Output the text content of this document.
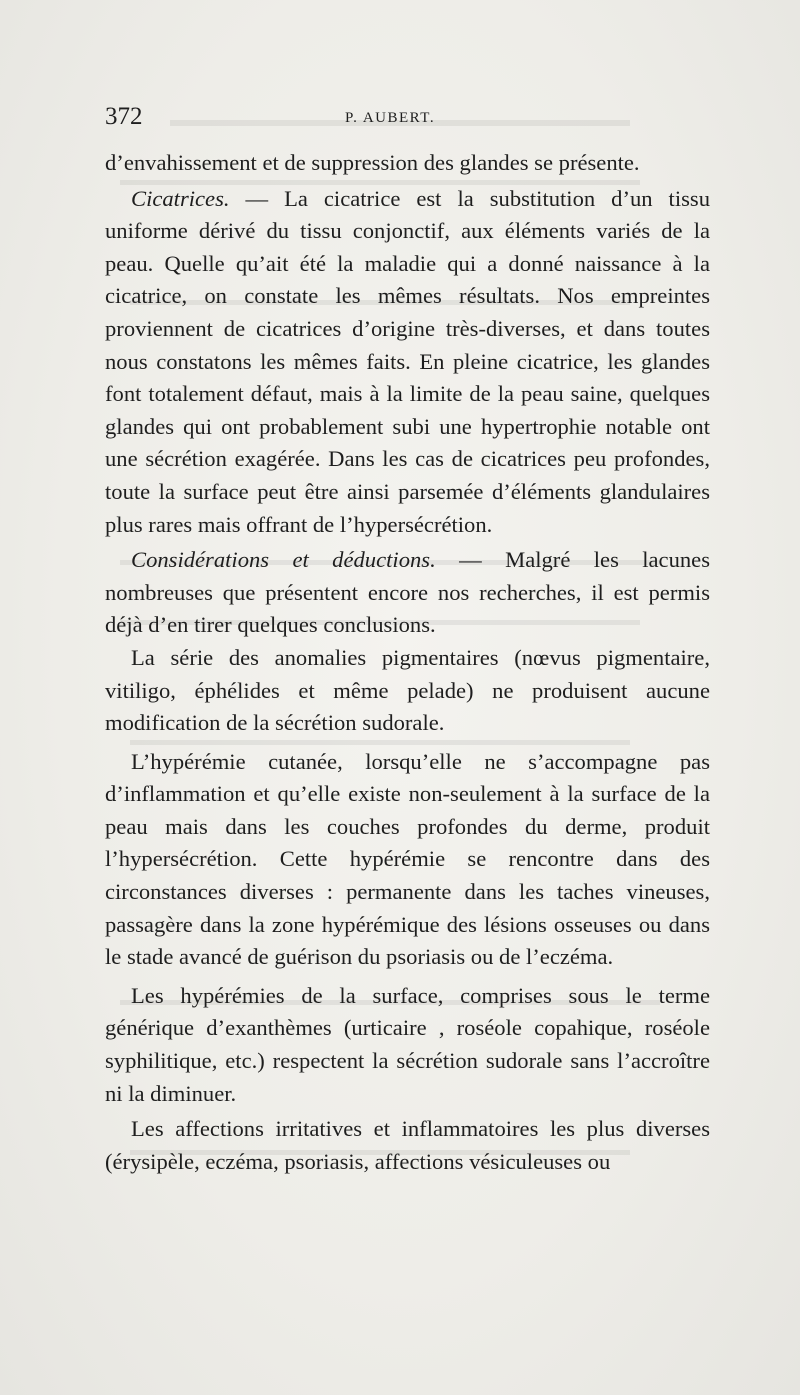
372	P. AUBERT.

d’envahissement et de suppression des glandes se présente.

Cicatrices. — La cicatrice est la substitution d’un tissu uniforme dérivé du tissu conjonctif, aux éléments variés de la peau. Quelle qu’ait été la maladie qui a donné naissance à la cicatrice, on constate les mêmes résultats. Nos empreintes proviennent de cicatrices d’origine très-diverses, et dans toutes nous constatons les mêmes faits. En pleine cicatrice, les glandes font totalement défaut, mais à la limite de la peau saine, quelques glandes qui ont probablement subi une hypertrophie notable ont une sécrétion exagérée. Dans les cas de cicatrices peu profondes, toute la surface peut être ainsi parsemée d’éléments glandulaires plus rares mais offrant de l’hypersécrétion.

Considérations et déductions. — Malgré les lacunes nombreuses que présentent encore nos recherches, il est permis déjà d’en tirer quelques conclusions.

La série des anomalies pigmentaires (nœvus pigmentaire, vitiligo, éphélides et même pelade) ne produisent aucune modification de la sécrétion sudorale.

L’hypérémie cutanée, lorsqu’elle ne s’accompagne pas d’inflammation et qu’elle existe non-seulement à la surface de la peau mais dans les couches profondes du derme, produit l’hypersécrétion. Cette hypérémie se rencontre dans des circonstances diverses : permanente dans les taches vineuses, passagère dans la zone hypérémique des lésions osseuses ou dans le stade avancé de guérison du psoriasis ou de l’eczéma.

Les hypérémies de la surface, comprises sous le terme générique d’exanthèmes (urticaire , roséole copahique, roséole syphilitique, etc.) respectent la sécrétion sudorale sans l’accroître ni la diminuer.

Les affections irritatives et inflammatoires les plus diverses (érysipèle, eczéma, psoriasis, affections vésiculeuses ou
